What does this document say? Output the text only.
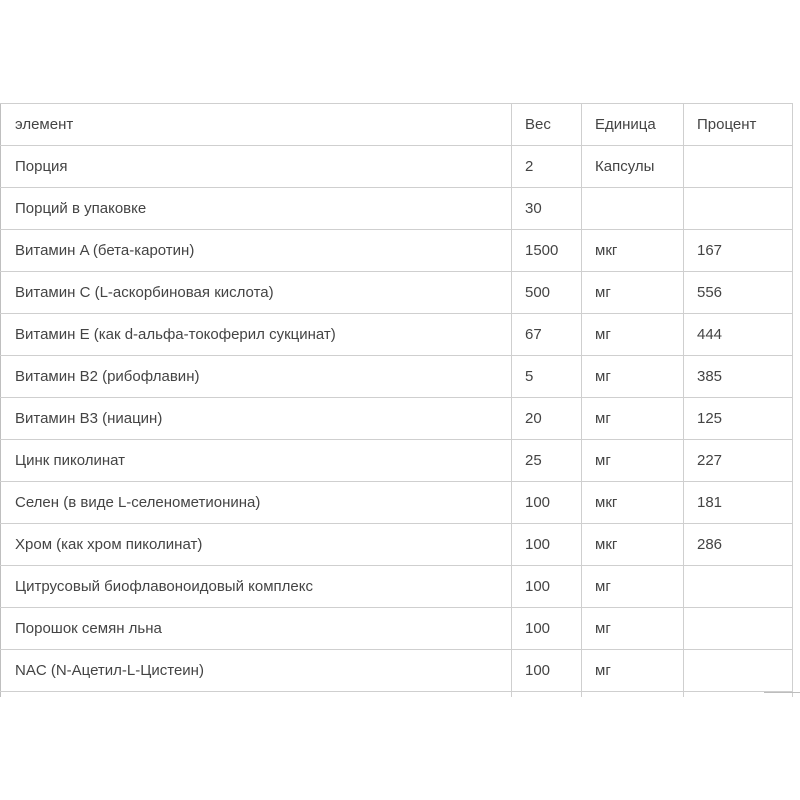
элемент	Вес	Единица	Процент
Порция	2	Капсулы	
Порций в упаковке	30		
Витамин A (бета-каротин)	1500	мкг	167
Витамин C (L-аскорбиновая кислота)	500	мг	556
Витамин E (как d-альфа-токоферил сукцинат)	67	мг	444
Витамин B2 (рибофлавин)	5	мг	385
Витамин B3 (ниацин)	20	мг	125
Цинк пиколинат	25	мг	227
Селен (в виде L-селенометионина)	100	мкг	181
Хром (как хром пиколинат)	100	мкг	286
Цитрусовый биофлавоноидовый комплекс	100	мг	
Порошок семян льна	100	мг	
NAC (N-Ацетил-L-Цистеин)	100	мг	
